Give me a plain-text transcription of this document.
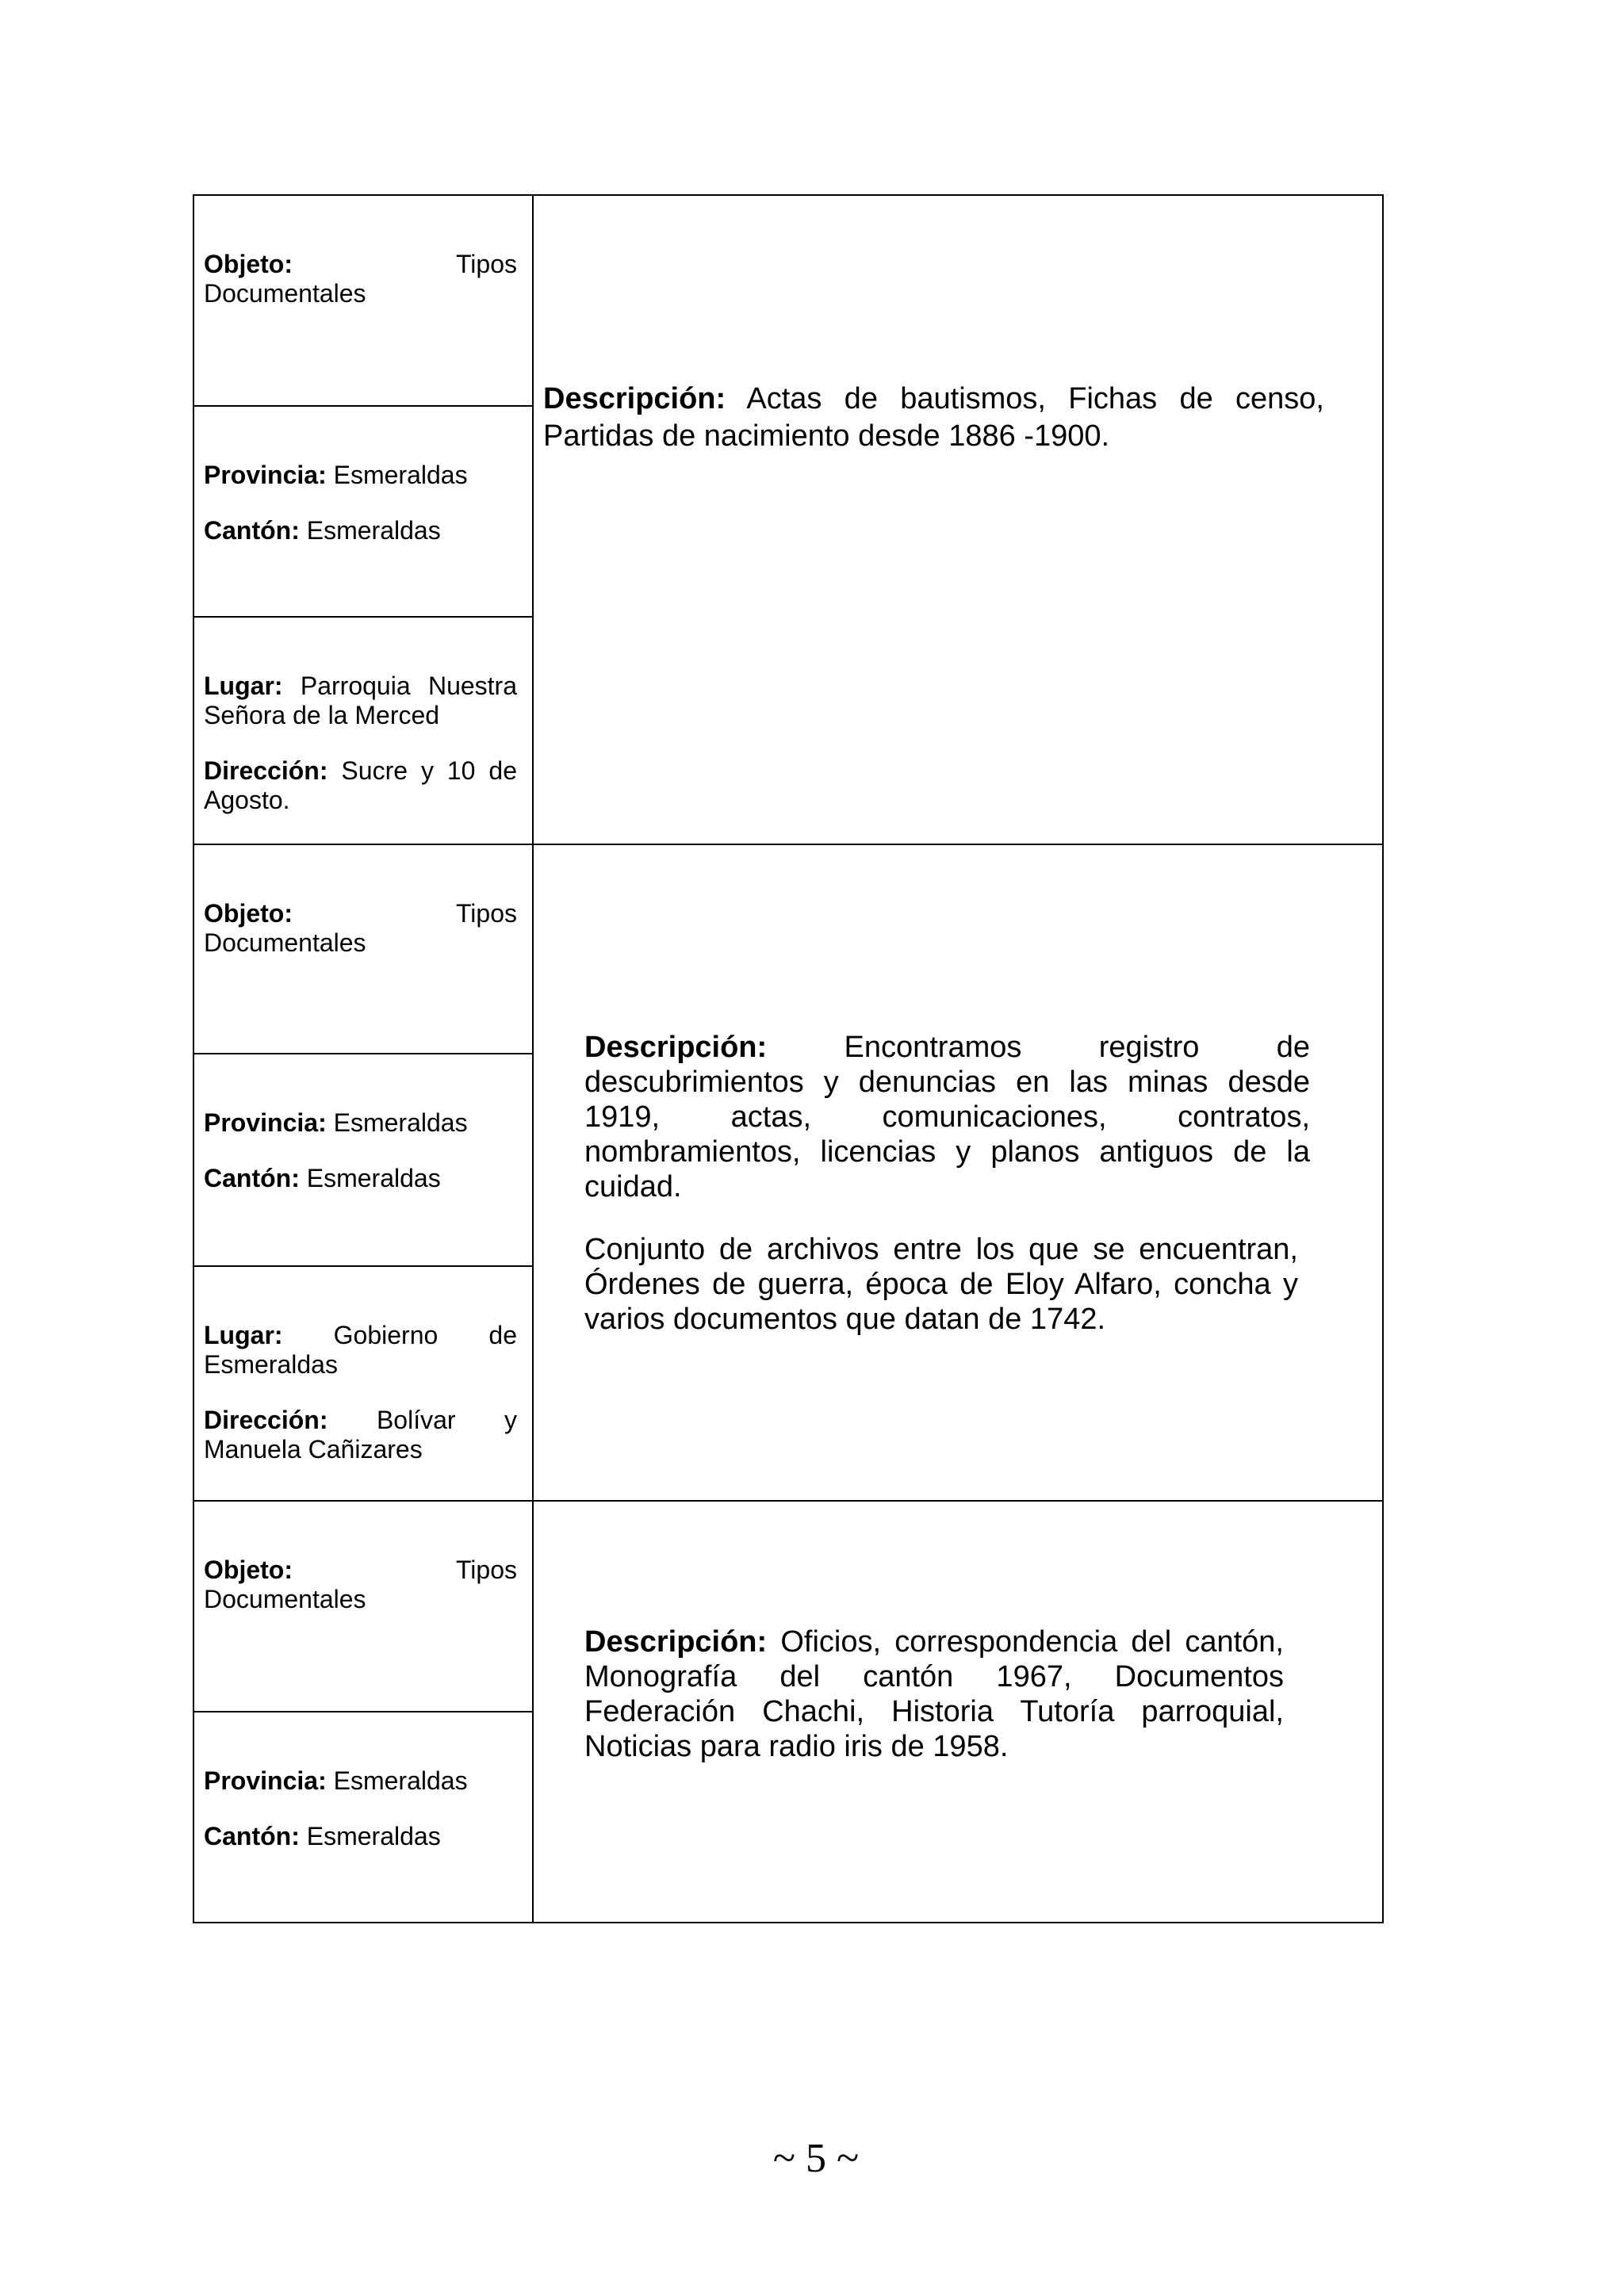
Objeto:	Tipos Documentales

Provincia: Esmeraldas

Cantón: Esmeraldas

Lugar: Parroquia Nuestra Señora de la Merced

Dirección: Sucre y 10 de Agosto.

Descripción: Actas de bautismos, Fichas de censo, Partidas de nacimiento desde 1886 -1900.

Objeto:	Tipos Documentales

Provincia: Esmeraldas

Cantón: Esmeraldas

Lugar: Gobierno de Esmeraldas

Dirección: Bolívar y Manuela Cañizares

Descripción:	Encontramos registro de descubrimientos y denuncias en las minas desde 1919, actas, comunicaciones, contratos, nombramientos, licencias y planos antiguos de la cuidad.

Conjunto de archivos entre los que se encuentran, Órdenes de guerra, época de Eloy Alfaro, concha y varios documentos que datan de 1742.

Objeto:	Tipos Documentales

Provincia: Esmeraldas

Cantón: Esmeraldas

Descripción: Oficios, correspondencia del cantón, Monografía del cantón 1967, Documentos Federación Chachi, Historia Tutoría parroquial, Noticias para radio iris de 1958.

~ 5 ~
